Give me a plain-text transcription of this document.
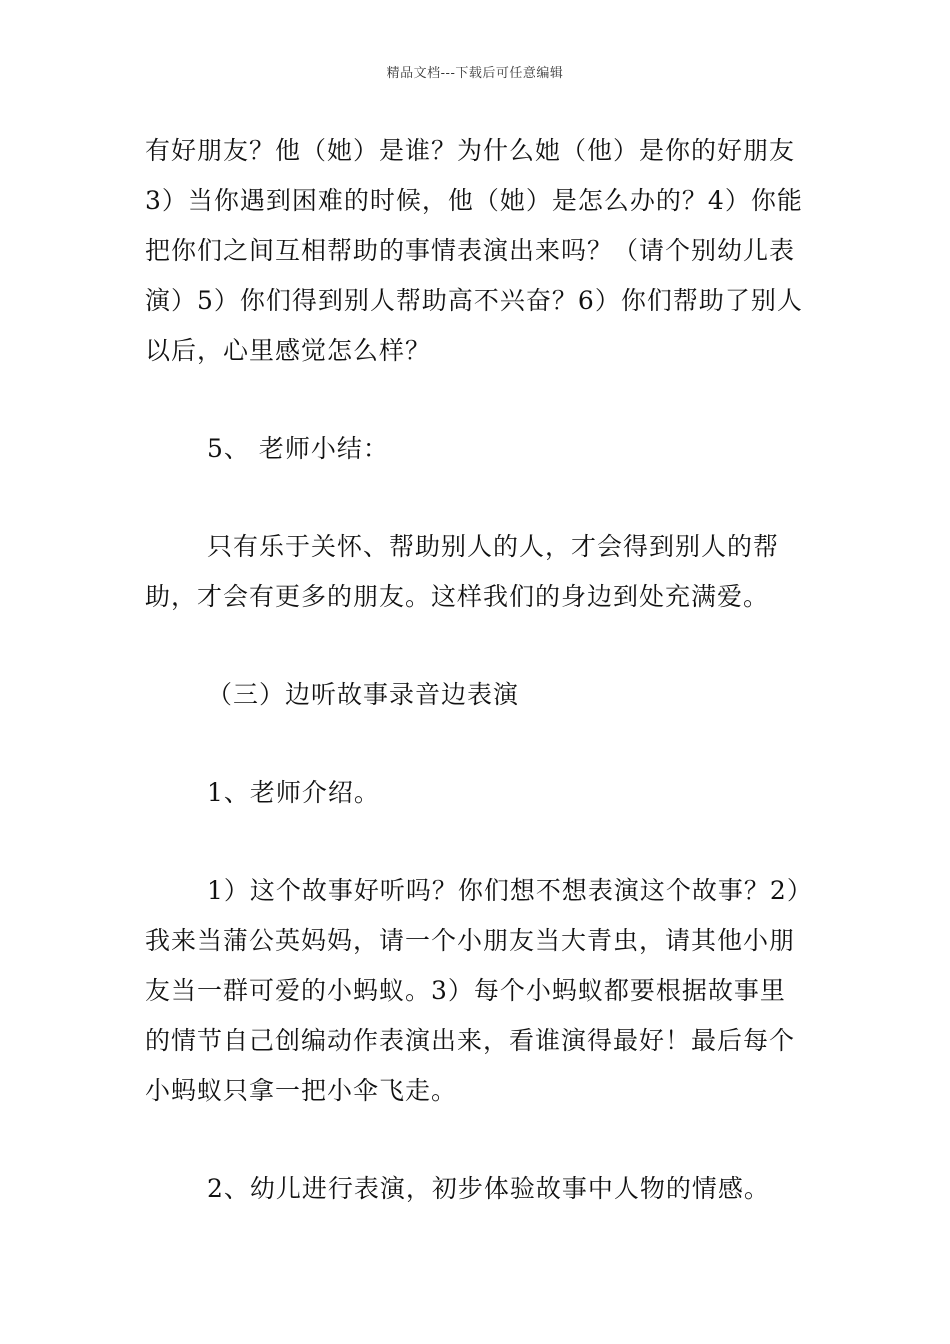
精品文档---下载后可任意编辑

有好朋友？他（她）是谁？为什么她（他）是你的好朋友3）当你遇到困难的时候，他（她）是怎么办的？4）你能把你们之间互相帮助的事情表演出来吗？（请个别幼儿表演）5）你们得到别人帮助高不兴奋？6）你们帮助了别人以后，心里感觉怎么样？

5、 老师小结：

只有乐于关怀、帮助别人的人，才会得到别人的帮助，才会有更多的朋友。这样我们的身边到处充满爱。

（三）边听故事录音边表演

1、老师介绍。

1）这个故事好听吗？你们想不想表演这个故事？2）我来当蒲公英妈妈，请一个小朋友当大青虫，请其他小朋友当一群可爱的小蚂蚁。3）每个小蚂蚁都要根据故事里的情节自己创编动作表演出来，看谁演得最好！最后每个小蚂蚁只拿一把小伞飞走。

2、幼儿进行表演，初步体验故事中人物的情感。
